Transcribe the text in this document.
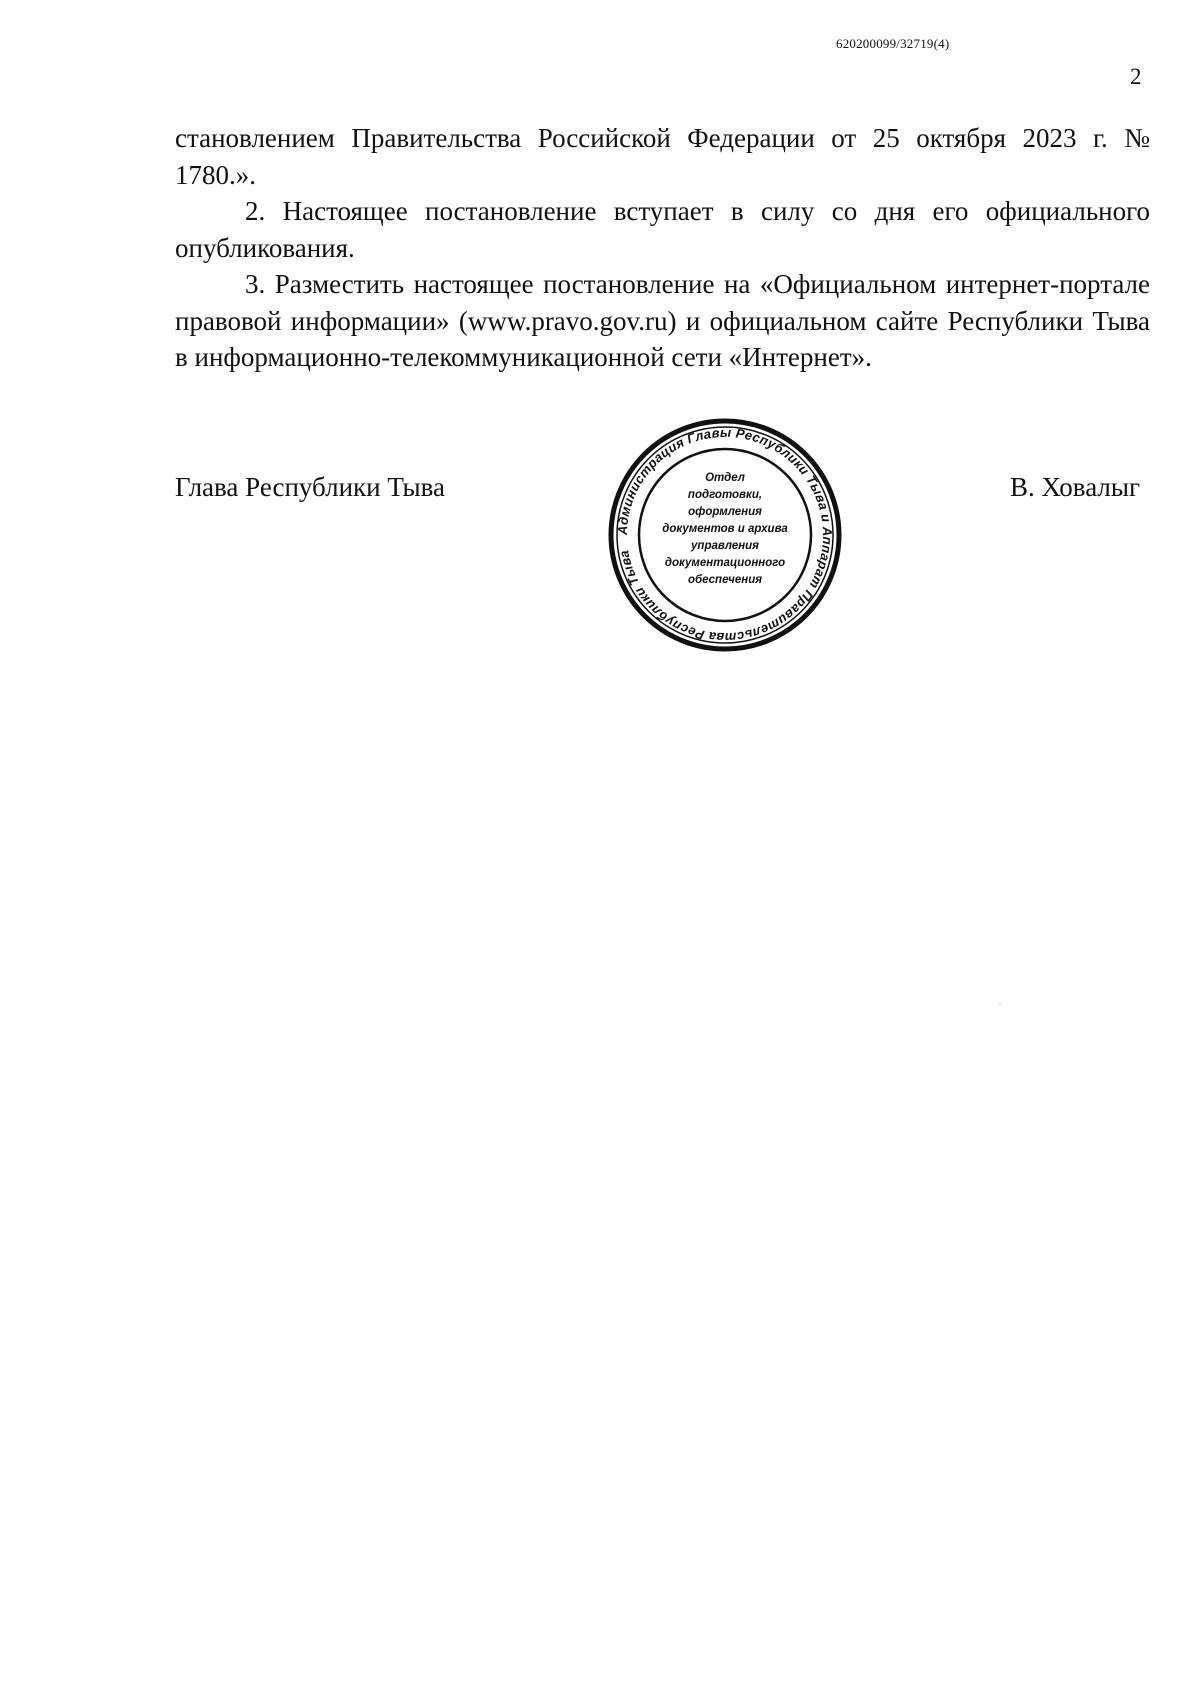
620200099/32719(4)
2

становлением Правительства Российской Федерации от 25 октября 2023 г. № 1780.».

2. Настоящее постановление вступает в силу со дня его официального опубликования.

3. Разместить настоящее постановление на «Официальном интернет-портале правовой информации» (www.pravo.gov.ru) и официальном сайте Республики Тыва в информационно-телекоммуникационной сети «Интернет».

Глава Республики Тыва	В. Ховалыг
Администрация Главы Республики Тыва и Аппарат Правительства Республики Тыва
Отдел
подготовки,
оформления
документов и архива
управления
документационного
обеспечения
